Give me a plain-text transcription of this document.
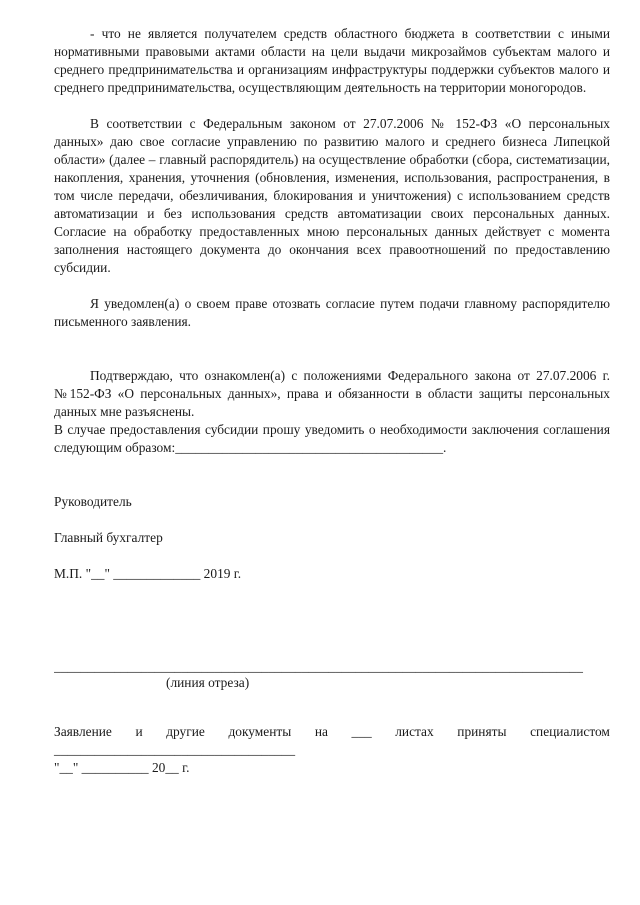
- что не является получателем средств областного бюджета в соответствии с иными нормативными правовыми актами области на цели выдачи микрозаймов субъектам малого и среднего предпринимательства и организациям инфраструктуры поддержки субъектов малого и среднего предпринимательства, осуществляющим деятельность на территории моногородов.

В соответствии с Федеральным законом от 27.07.2006 № 152-ФЗ «О персональных данных» даю свое согласие управлению по развитию малого и среднего бизнеса Липецкой области» (далее – главный распорядитель) на осуществление обработки (сбора, систематизации, накопления, хранения, уточнения (обновления, изменения, использования, распространения, в том числе передачи, обезличивания, блокирования и уничтожения) с использованием средств автоматизации и без использования средств автоматизации своих персональных данных. Согласие на обработку предоставленных мною персональных данных действует с момента заполнения настоящего документа до окончания всех правоотношений по предоставлению субсидии.

Я уведомлен(а) о своем праве отозвать согласие путем подачи главному распорядителю письменного заявления.

Подтверждаю, что ознакомлен(а) с положениями Федерального закона от 27.07.2006 г. №152-ФЗ «О персональных данных», права и обязанности в области защиты персональных данных мне разъяснены.

В случае предоставления субсидии прошу уведомить о необходимости заключения соглашения следующим образом:________________________________________.

Руководитель

Главный бухгалтер

М.П. "__" _____________ 2019 г.

_______________________________________________________________________________
(линия отреза)
Заявление и другие документы на ___ листах приняты специалистом
____________________________________
"__" __________ 20__ г.
